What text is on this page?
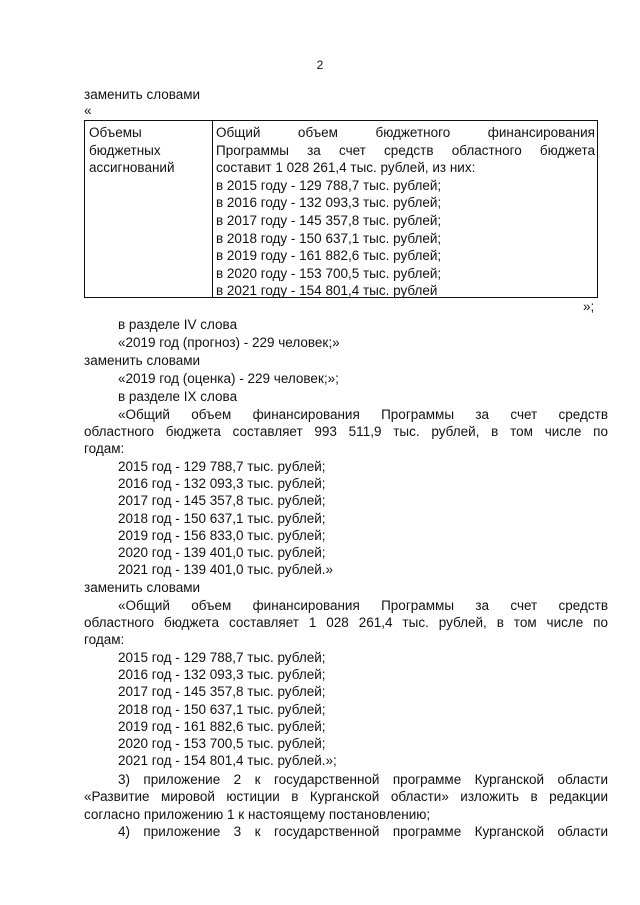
2
заменить словами
«
Объемы
бюджетных
ассигнований
Общий объем бюджетного финансирования
Программы за счет средств областного бюджета
составит 1 028 261,4 тыс. рублей, из них:
в 2015 году - 129 788,7 тыс. рублей;
в 2016 году - 132 093,3 тыс. рублей;
в 2017 году - 145 357,8 тыс. рублей;
в 2018 году - 150 637,1 тыс. рублей;
в 2019 году - 161 882,6 тыс. рублей;
в 2020 году - 153 700,5 тыс. рублей;
в 2021 году - 154 801,4 тыс. рублей
»;
в разделе IV слова
«2019 год (прогноз) - 229 человек;»
заменить словами
«2019 год (оценка) - 229 человек;»;
в разделе IX слова
«Общий объем финансирования Программы за счет средств
областного бюджета составляет 993 511,9 тыс. рублей, в том числе по
годам:
2015 год - 129 788,7 тыс. рублей;
2016 год - 132 093,3 тыс. рублей;
2017 год - 145 357,8 тыс. рублей;
2018 год - 150 637,1 тыс. рублей;
2019 год - 156 833,0 тыс. рублей;
2020 год - 139 401,0 тыс. рублей;
2021 год - 139 401,0 тыс. рублей.»
заменить словами
«Общий объем финансирования Программы за счет средств
областного бюджета составляет 1 028 261,4 тыс. рублей, в том числе по
годам:
2015 год - 129 788,7 тыс. рублей;
2016 год - 132 093,3 тыс. рублей;
2017 год - 145 357,8 тыс. рублей;
2018 год - 150 637,1 тыс. рублей;
2019 год - 161 882,6 тыс. рублей;
2020 год - 153 700,5 тыс. рублей;
2021 год - 154 801,4 тыс. рублей.»;
3) приложение 2 к государственной программе Курганской области
«Развитие мировой юстиции в Курганской области» изложить в редакции
согласно приложению 1 к настоящему постановлению;
4) приложение 3 к государственной программе Курганской области
